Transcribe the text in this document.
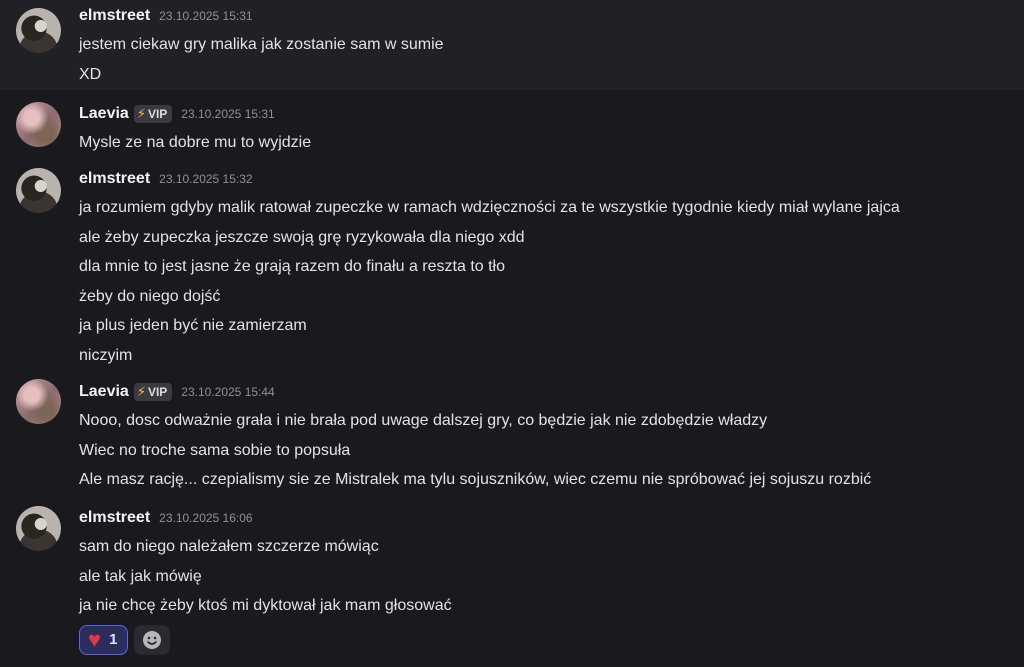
elmstreet 23.10.2025 15:31
jestem ciekaw gry malika jak zostanie sam w sumie
XD
Laevia ⚡ VIP 23.10.2025 15:31
Mysle ze na dobre mu to wyjdzie
elmstreet 23.10.2025 15:32
ja rozumiem gdyby malik ratował zupeczke w ramach wdzięczności za te wszystkie tygodnie kiedy miał wylane jajca
ale żeby zupeczka jeszcze swoją grę ryzykowała dla niego xdd
dla mnie to jest jasne że grają razem do finału a reszta to tło
żeby do niego dojść
ja plus jeden być nie zamierzam
niczyim
Laevia ⚡ VIP 23.10.2025 15:44
Nooo, dosc odważnie grała i nie brała pod uwage dalszej gry, co będzie jak nie zdobędzie władzy
Wiec no troche sama sobie to popsuła
Ale masz rację... czepialismy sie ze Mistralek ma tylu sojuszników, wiec czemu nie spróbować jej sojuszu rozbić
elmstreet 23.10.2025 16:06
sam do niego należałem szczerze mówiąc
ale tak jak mówię
ja nie chcę żeby ktoś mi dyktował jak mam głosować
♥ 1
